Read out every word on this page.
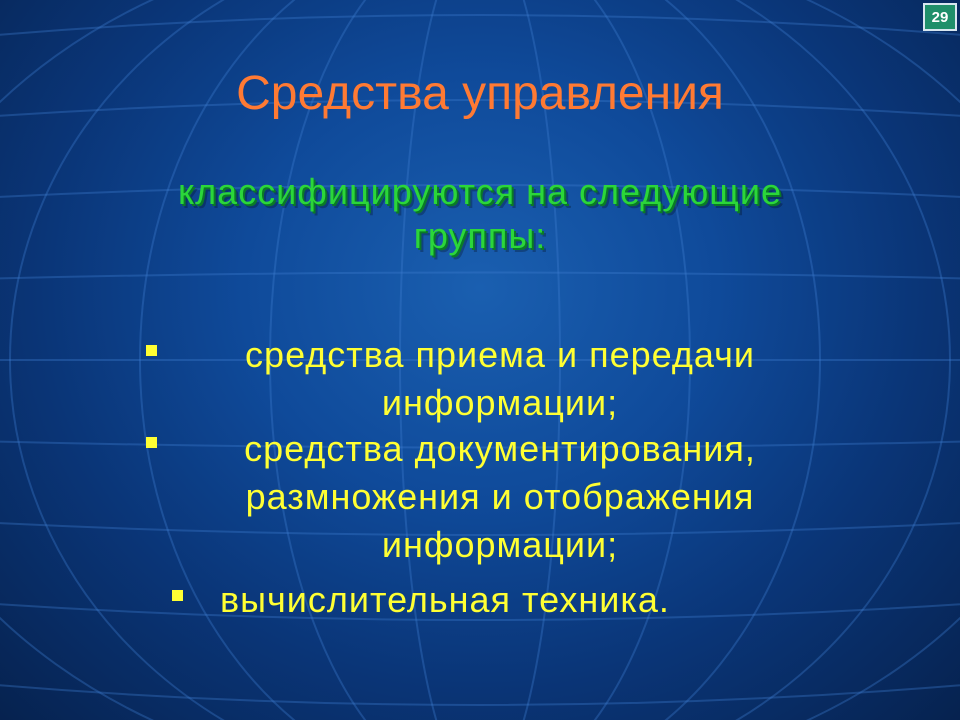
29
Средства управления
классифицируются на следующие
группы:
средства приема и передачи
информации;
средства документирования,
размножения и отображения
информации;
вычислительная техника.
